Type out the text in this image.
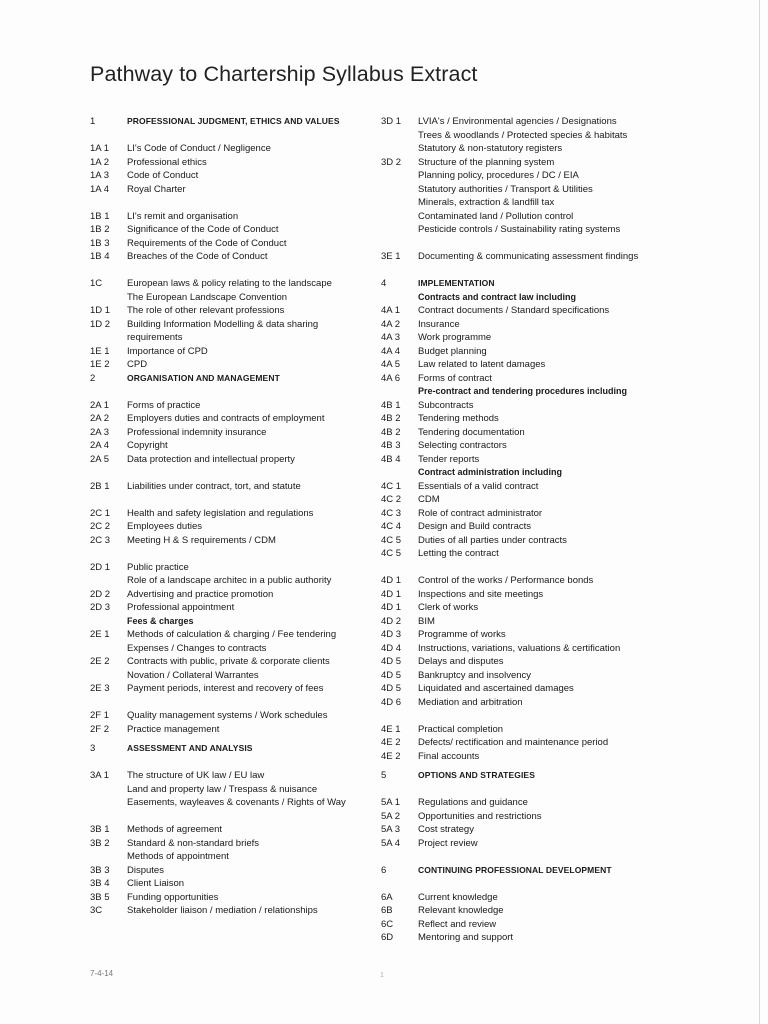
Pathway to Chartership Syllabus Extract
1	PROFESSIONAL JUDGMENT, ETHICS AND VALUES
1A 1	LI's Code of Conduct / Negligence
1A 2	Professional ethics
1A 3	Code of Conduct
1A 4	Royal Charter
1B 1	LI's remit and organisation
1B 2	Significance of the Code of Conduct
1B 3	Requirements of the Code of Conduct
1B 4	Breaches of the Code of Conduct
1C	European laws & policy relating to the landscape
The European Landscape Convention
1D 1	The role of other relevant professions
1D 2	Building Information Modelling & data sharing
requirements
1E 1	Importance of CPD
1E 2	CPD
2	ORGANISATION AND MANAGEMENT
2A 1	Forms of practice
2A 2	Employers duties and contracts of employment
2A 3	Professional indemnity insurance
2A 4	Copyright
2A 5	Data protection and intellectual property
2B 1	Liabilities under contract, tort, and statute
2C 1	Health and safety legislation and regulations
2C 2	Employees duties
2C 3	Meeting H & S requirements / CDM
2D 1	Public practice
Role of a landscape architec in a public authority
2D 2	Advertising and practice promotion
2D 3	Professional appointment
Fees & charges
2E 1	Methods of calculation & charging / Fee tendering
Expenses / Changes to contracts
2E 2	Contracts with public, private & corporate clients
Novation / Collateral Warrantes
2E 3	Payment periods, interest and recovery of fees
2F 1	Quality management systems / Work schedules
2F 2	Practice management
3	ASSESSMENT AND ANALYSIS
3A 1	The structure of UK law / EU law
Land and property law / Trespass & nuisance
Easements, wayleaves & covenants / Rights of Way
3B 1	Methods of agreement
3B 2	Standard & non-standard briefs
Methods of appointment
3B 3	Disputes
3B 4	Client Liaison
3B 5	Funding opportunities
3C	Stakeholder liaison / mediation / relationships
3D 1	LVIA's / Environmental agencies / Designations
Trees & woodlands / Protected species & habitats
Statutory & non-statutory registers
3D 2	Structure of the planning system
Planning policy, procedures / DC / EIA
Statutory authorities / Transport & Utilities
Minerals, extraction & landfill tax
Contaminated land / Pollution control
Pesticide controls / Sustainability rating systems
3E 1	Documenting & communicating assessment findings
4	IMPLEMENTATION
Contracts and contract law including
4A 1	Contract documents / Standard specifications
4A 2	Insurance
4A 3	Work programme
4A 4	Budget planning
4A 5	Law related to latent damages
4A 6	Forms of contract
Pre-contract and tendering procedures including
4B 1	Subcontracts
4B 2	Tendering methods
4B 2	Tendering documentation
4B 3	Selecting contractors
4B 4	Tender reports
Contract administration including
4C 1	Essentials of a valid contract
4C 2	CDM
4C 3	Role of contract administrator
4C 4	Design and Build contracts
4C 5	Duties of all parties under contracts
4C 5	Letting the contract
4D 1	Control of the works / Performance bonds
4D 1	Inspections and site meetings
4D 1	Clerk of works
4D 2	BIM
4D 3	Programme of works
4D 4	Instructions, variations, valuations & certification
4D 5	Delays and disputes
4D 5	Bankruptcy and insolvency
4D 5	Liquidated and ascertained damages
4D 6	Mediation and arbitration
4E 1	Practical completion
4E 2	Defects/ rectification and maintenance period
4E 2	Final accounts
5	OPTIONS AND STRATEGIES
5A 1	Regulations and guidance
5A 2	Opportunities and restrictions
5A 3	Cost strategy
5A 4	Project review
6	CONTINUING PROFESSIONAL DEVELOPMENT
6A	Current knowledge
6B	Relevant knowledge
6C	Reflect and review
6D	Mentoring and support
7-4-14	1
